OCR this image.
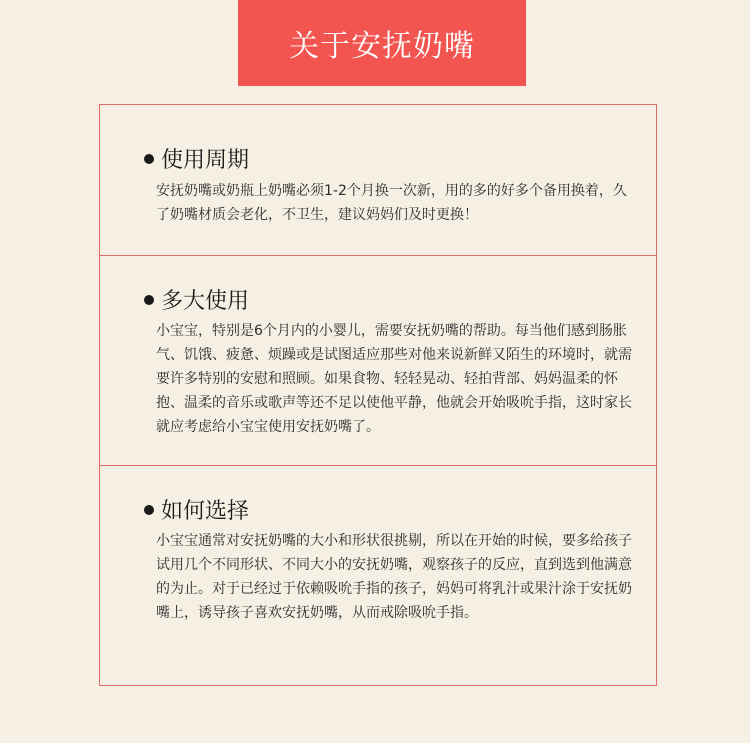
关于安抚奶嘴
使用周期

安抚奶嘴或奶瓶上奶嘴必须1-2个月换一次新，用的多的好多个备用换着，久了奶嘴材质会老化，不卫生，建议妈妈们及时更换！

多大使用

小宝宝，特别是6个月内的小婴儿，需要安抚奶嘴的帮助。每当他们感到肠胀气、饥饿、疲惫、烦躁或是试图适应那些对他来说新鲜又陌生的环境时，就需要许多特别的安慰和照顾。如果食物、轻轻晃动、轻拍背部、妈妈温柔的怀抱、温柔的音乐或歌声等还不足以使他平静，他就会开始吸吮手指，这时家长就应考虑给小宝宝使用安抚奶嘴了。

如何选择

小宝宝通常对安抚奶嘴的大小和形状很挑剔，所以在开始的时候，要多给孩子试用几个不同形状、不同大小的安抚奶嘴，观察孩子的反应，直到选到他满意的为止。对于已经过于依赖吸吮手指的孩子，妈妈可将乳汁或果汁涂于安抚奶嘴上，诱导孩子喜欢安抚奶嘴，从而戒除吸吮手指。
